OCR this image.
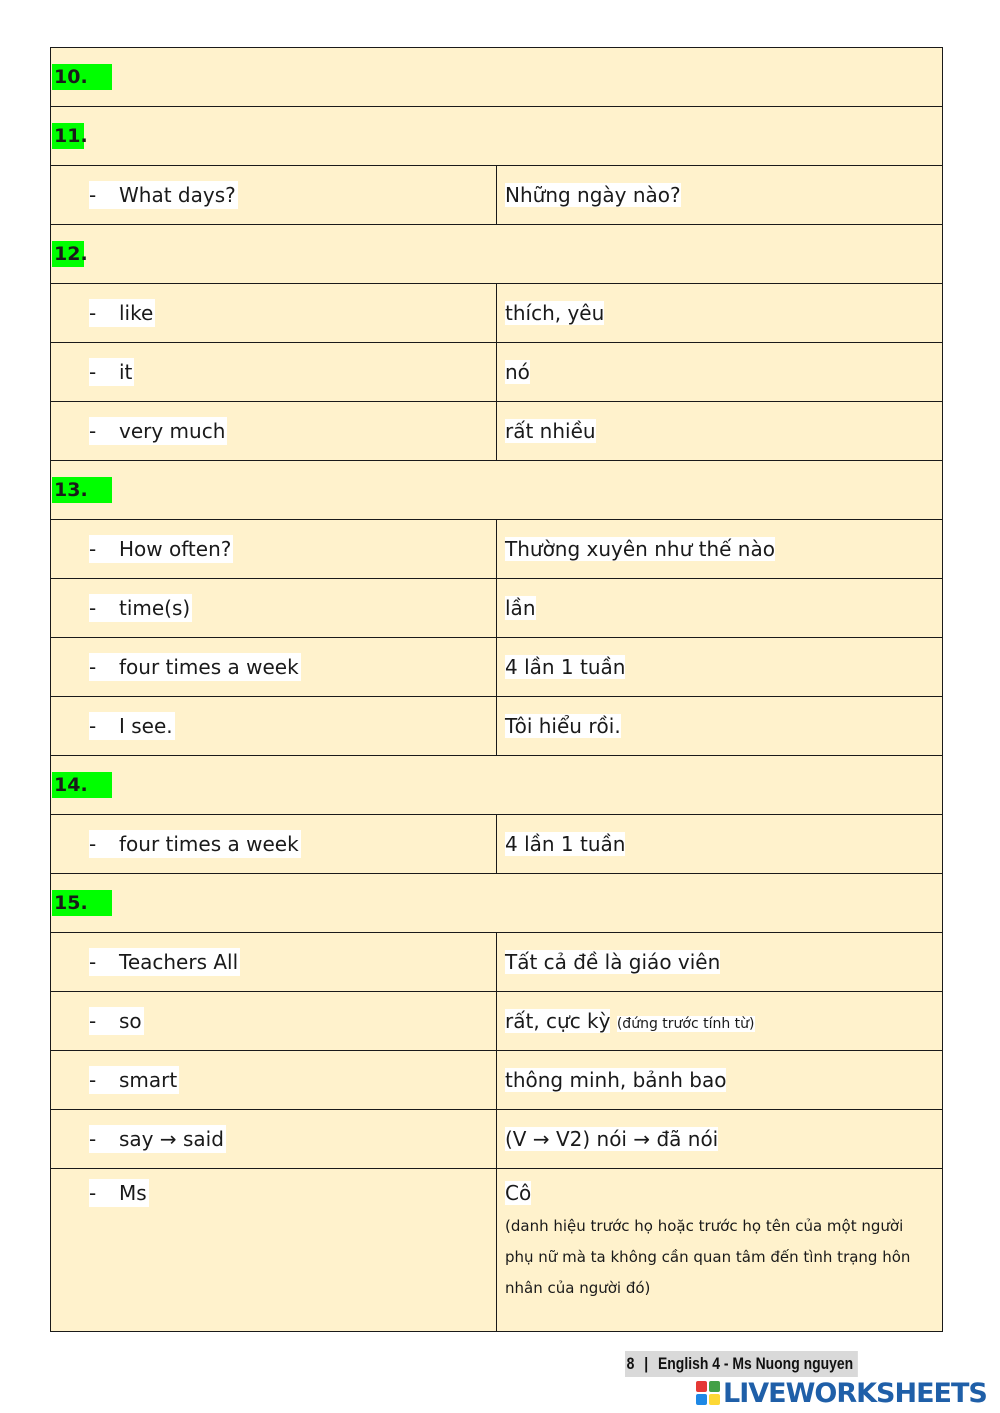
10.	
11.	

- What days?	Những ngày nào?
12.	

- like	thích, yêu

- it	nó

- very much	rất nhiều
13.	

- How often?	Thường xuyên như thế nào

- time(s)	lần

- four times a week	4 lần 1 tuần

- I see.	Tôi hiểu rồi.
14.	

- four times a week	4 lần 1 tuần
15.	

- Teachers All	Tất cả đề là giáo viên

- so	rất, cực kỳ (đứng trước tính từ)

- smart	thông minh, bảnh bao

- say → said	(V → V2) nói → đã nói

- Ms	Cô
(danh hiệu trước họ hoặc trước họ tên của một người phụ nữ mà ta không cần quan tâm đến tình trạng hôn nhân của người đó)
8 | English 4 - Ms Nuong nguyen
LIVEWORKSHEETS
